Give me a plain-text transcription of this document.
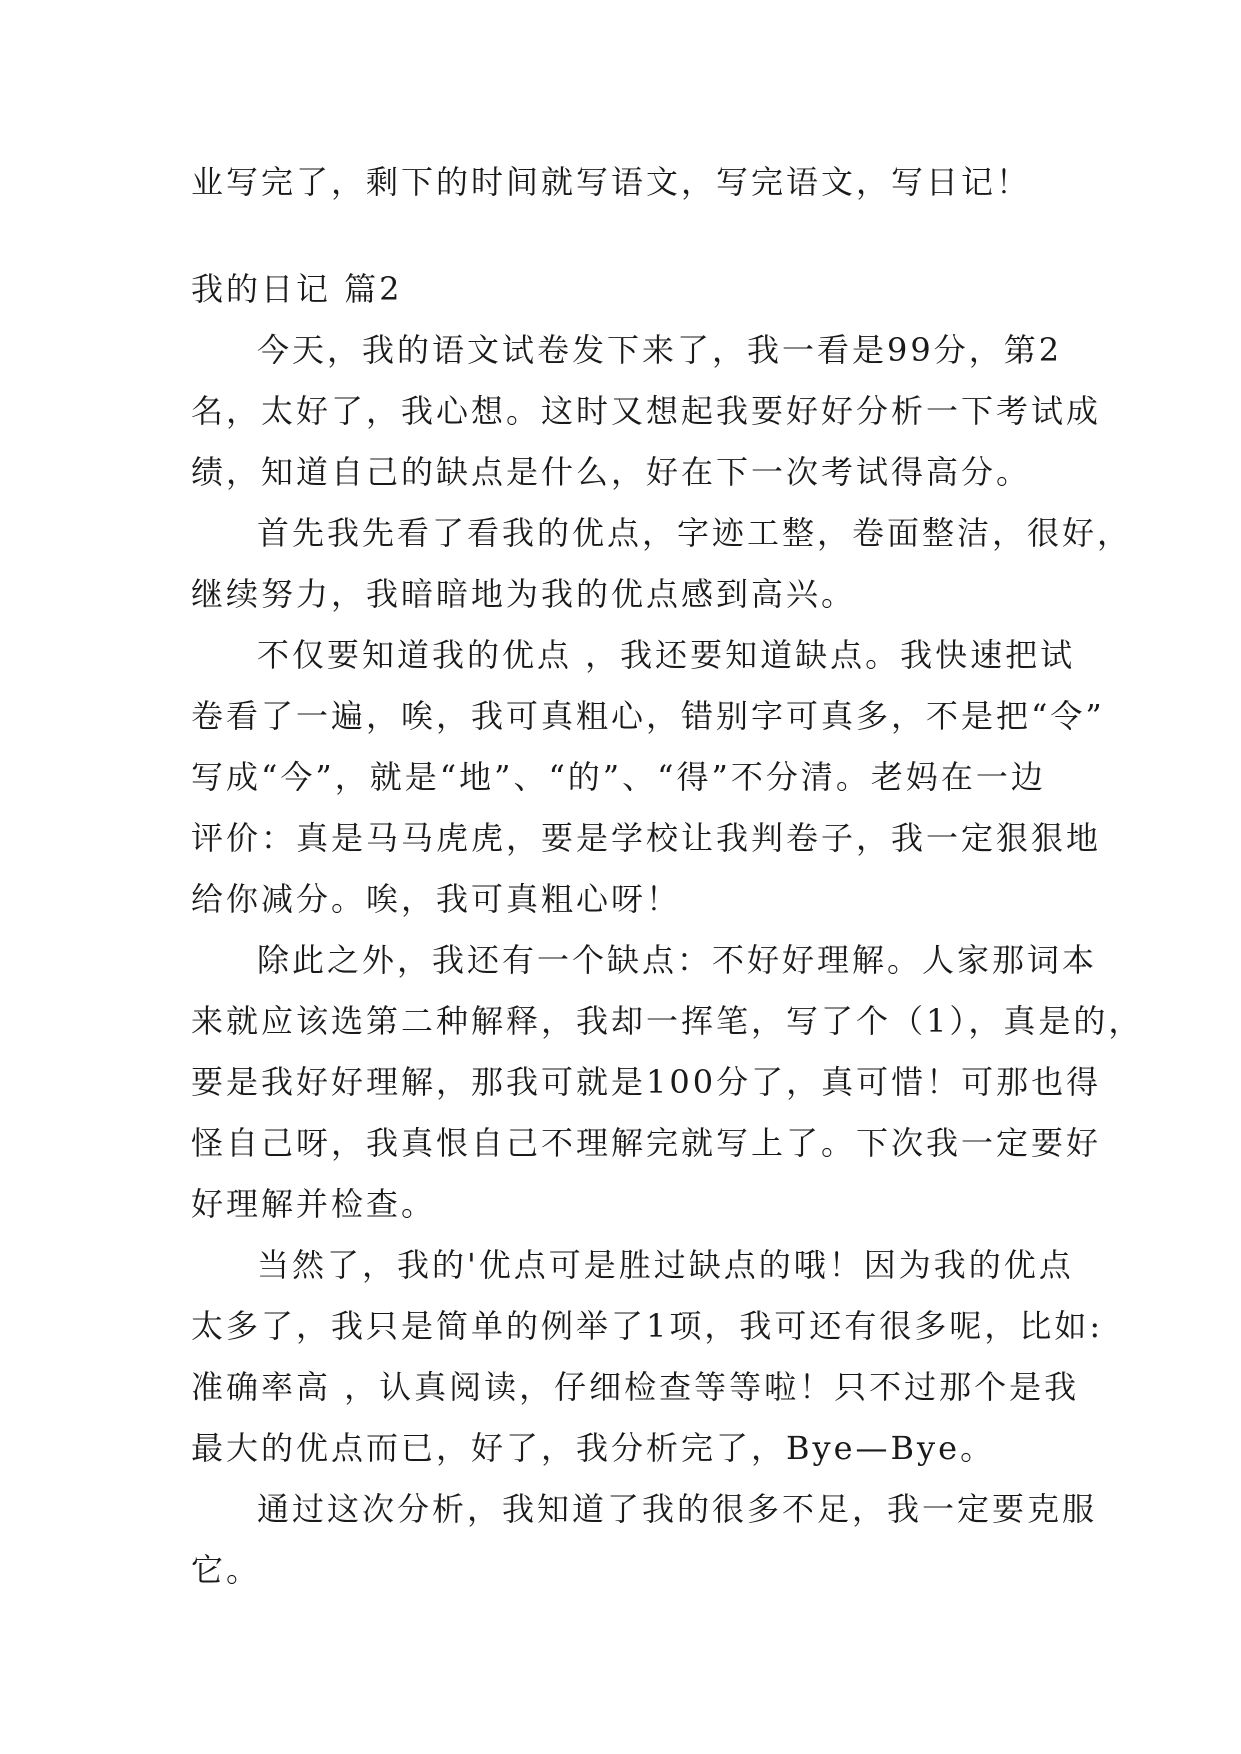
业写完了，剩下的时间就写语文，写完语文，写日记！

我的日记 篇2

今天，我的语文试卷发下来了，我一看是99分，第2

名，太好了，我心想。这时又想起我要好好分析一下考试成

绩，知道自己的缺点是什么，好在下一次考试得高分。

首先我先看了看我的优点，字迹工整，卷面整洁，很好，

继续努力，我暗暗地为我的优点感到高兴。

不仅要知道我的优点 ，我还要知道缺点。我快速把试

卷看了一遍，唉，我可真粗心，错别字可真多，不是把“令”

写成“今”，就是“地”、“的”、“得”不分清。老妈在一边

评价：真是马马虎虎，要是学校让我判卷子，我一定狠狠地

给你减分。唉，我可真粗心呀！

除此之外，我还有一个缺点：不好好理解。人家那词本

来就应该选第二种解释，我却一挥笔，写了个（1），真是的，

要是我好好理解，那我可就是100分了，真可惜！可那也得

怪自己呀，我真恨自己不理解完就写上了。下次我一定要好

好理解并检查。

当然了，我的'优点可是胜过缺点的哦！因为我的优点

太多了，我只是简单的例举了1项，我可还有很多呢，比如:

准确率高 ，认真阅读，仔细检查等等啦！只不过那个是我

最大的优点而已，好了，我分析完了，Bye—Bye。

通过这次分析，我知道了我的很多不足，我一定要克服

它。
